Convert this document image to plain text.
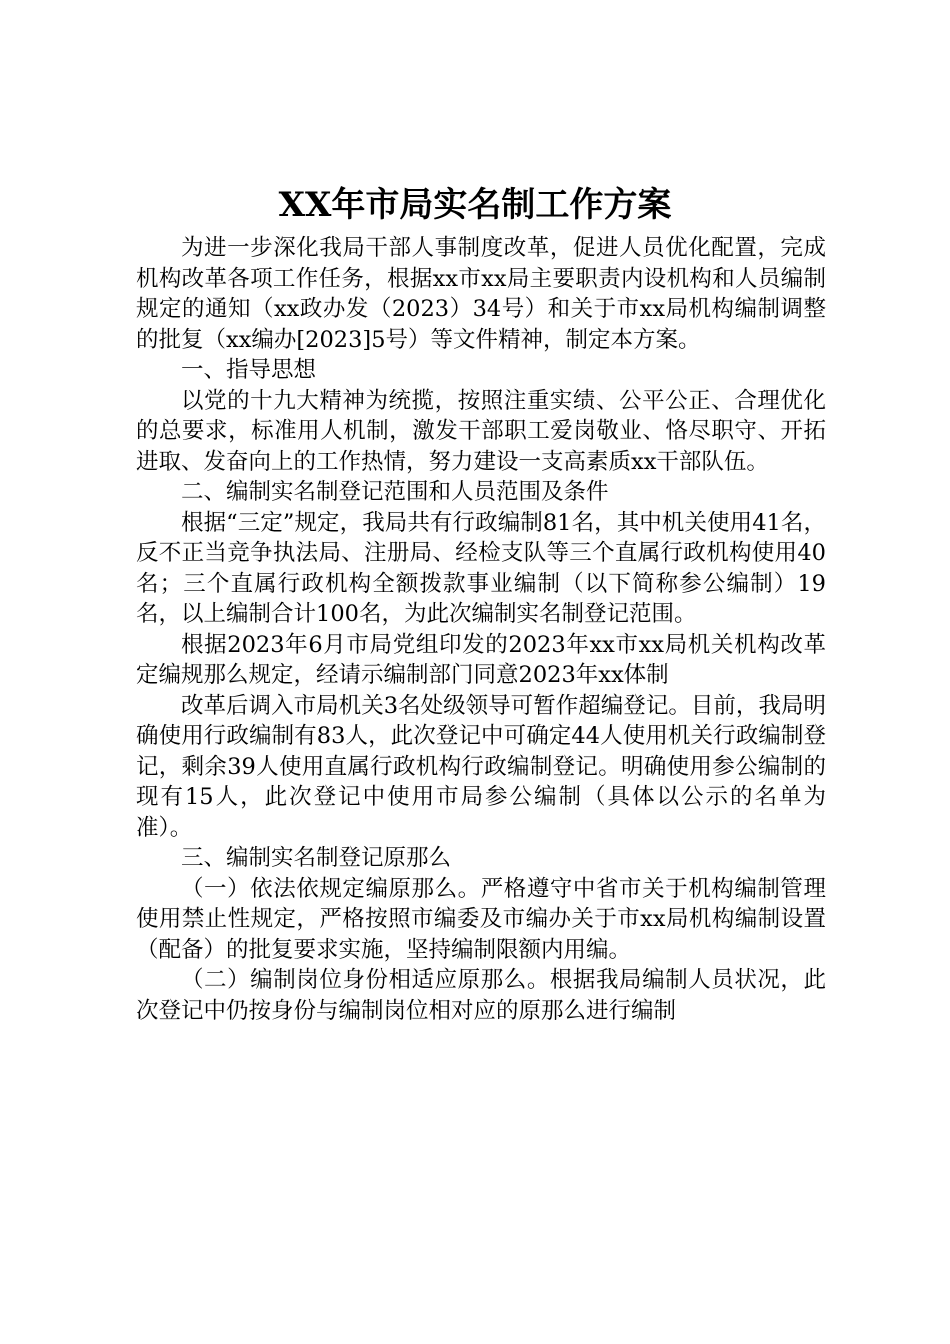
XX年市局实名制工作方案

为进一步深化我局干部人事制度改革，促进人员优化配置，完成机构改革各项工作任务，根据xx市xx局主要职责内设机构和人员编制规定的通知（xx政办发（2023）34号）和关于市xx局机构编制调整的批复（xx编办[2023]5号）等文件精神，制定本方案。

一、指导思想

以党的十九大精神为统揽，按照注重实绩、公平公正、合理优化的总要求，标准用人机制，激发干部职工爱岗敬业、恪尽职守、开拓进取、发奋向上的工作热情，努力建设一支高素质xx干部队伍。

二、编制实名制登记范围和人员范围及条件

根据“三定”规定，我局共有行政编制81名，其中机关使用41名，反不正当竞争执法局、注册局、经检支队等三个直属行政机构使用40名；三个直属行政机构全额拨款事业编制（以下简称参公编制）19名，以上编制合计100名，为此次编制实名制登记范围。

根据2023年6月市局党组印发的2023年xx市xx局机关机构改革定编规那么规定，经请示编制部门同意2023年xx体制

改革后调入市局机关3名处级领导可暂作超编登记。目前，我局明确使用行政编制有83人，此次登记中可确定44人使用机关行政编制登记，剩余39人使用直属行政机构行政编制登记。明确使用参公编制的现有15人，此次登记中使用市局参公编制（具体以公示的名单为准）。

三、编制实名制登记原那么

（一）依法依规定编原那么。严格遵守中省市关于机构编制管理使用禁止性规定，严格按照市编委及市编办关于市xx局机构编制设置（配备）的批复要求实施，坚持编制限额内用编。

（二）编制岗位身份相适应原那么。根据我局编制人员状况，此次登记中仍按身份与编制岗位相对应的原那么进行编制
